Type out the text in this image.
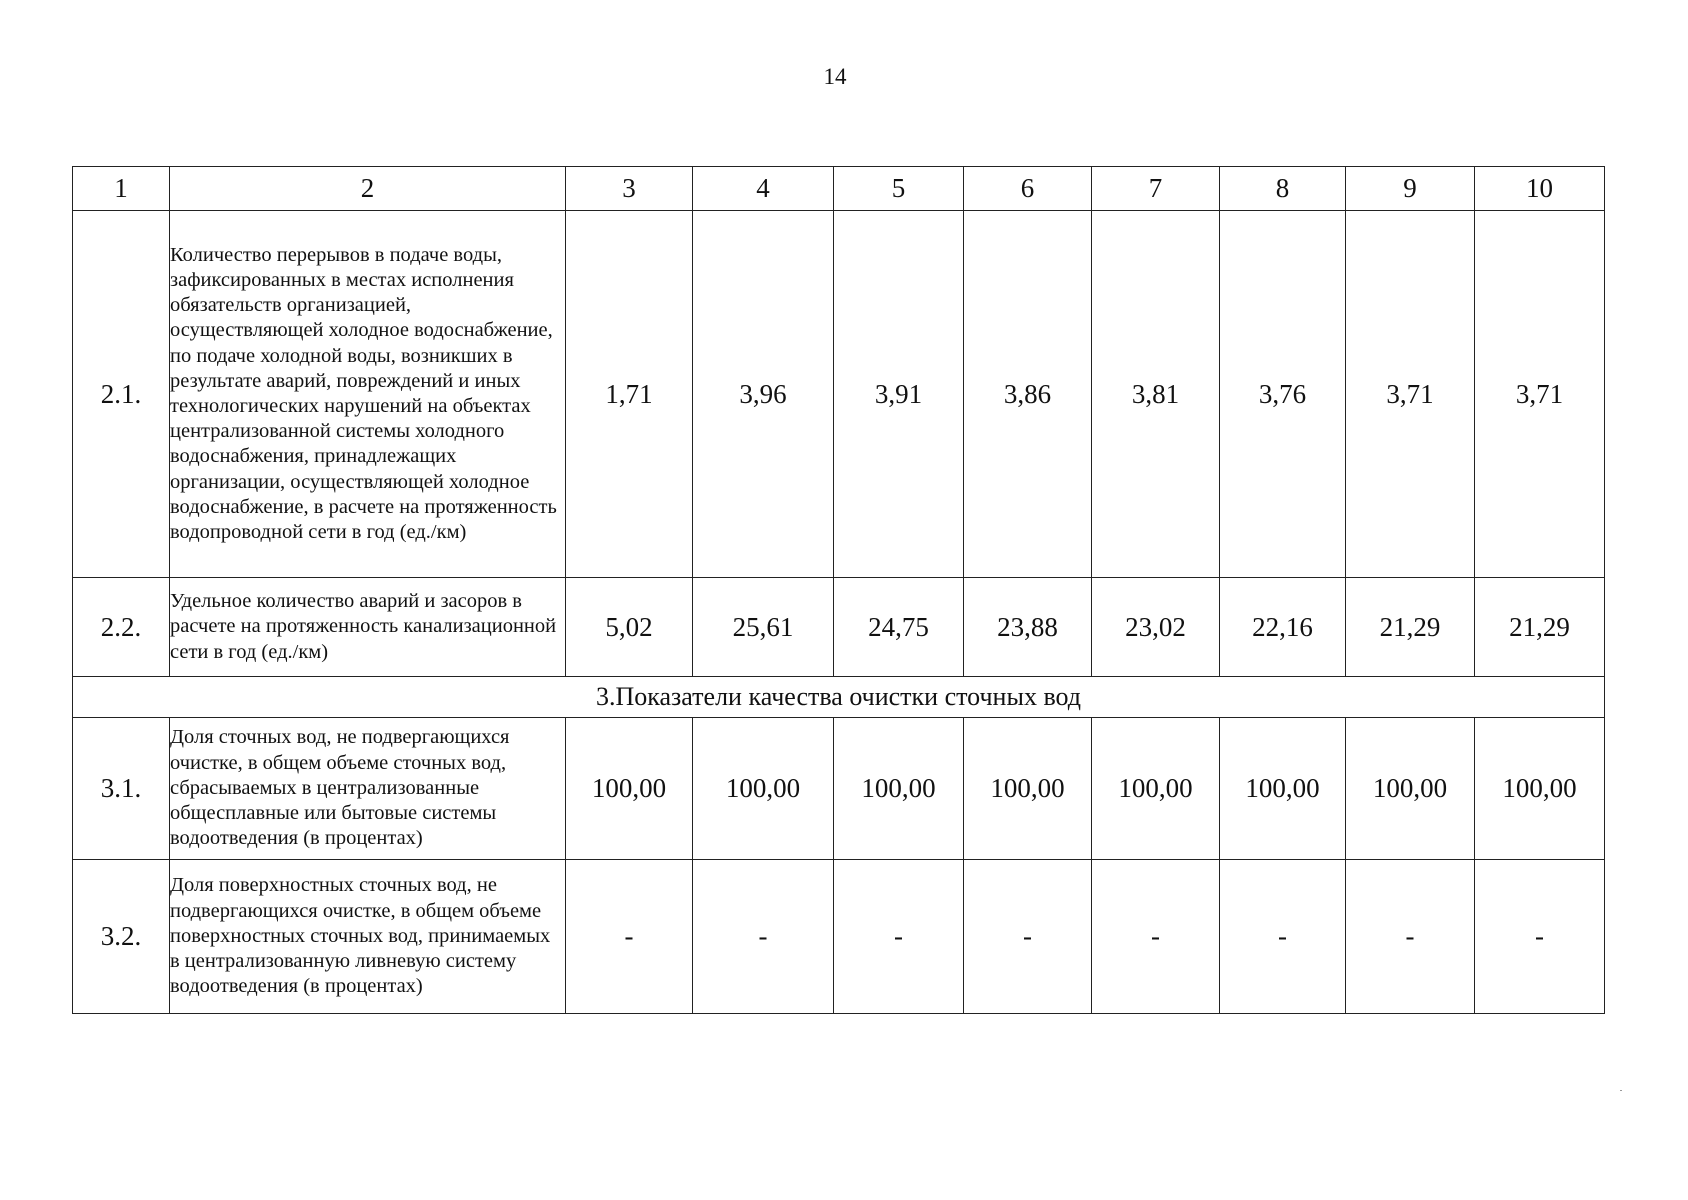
14
1	2	3	4	5	6	7	8	9	10
2.1.	Количество перерывов в подаче воды, зафиксированных в местах исполнения обязательств организацией, осуществляющей холодное водоснабжение, по подаче холодной воды, возникших в результате аварий, повреждений и иных технологических нарушений на объектах централизованной системы холодного водоснабжения, принадлежащих организации, осуществляющей холодное водоснабжение, в расчете на протяженность водопроводной сети в год (ед./км)	1,71	3,96	3,91	3,86	3,81	3,76	3,71	3,71
2.2.	Удельное количество аварий и засоров в расчете на протяженность канализационной сети в год (ед./км)	5,02	25,61	24,75	23,88	23,02	22,16	21,29	21,29
3.Показатели качества очистки сточных вод									
3.1.	Доля сточных вод, не подвергающихся очистке, в общем объеме сточных вод, сбрасываемых в централизованные общесплавные или бытовые системы водоотведения (в процентах)	100,00	100,00	100,00	100,00	100,00	100,00	100,00	100,00
3.2.	Доля поверхностных сточных вод, не подвергающихся очистке, в общем объеме поверхностных сточных вод, принимаемых в централизованную ливневую систему водоотведения (в процентах)	-	-	-	-	-	-	-	-
